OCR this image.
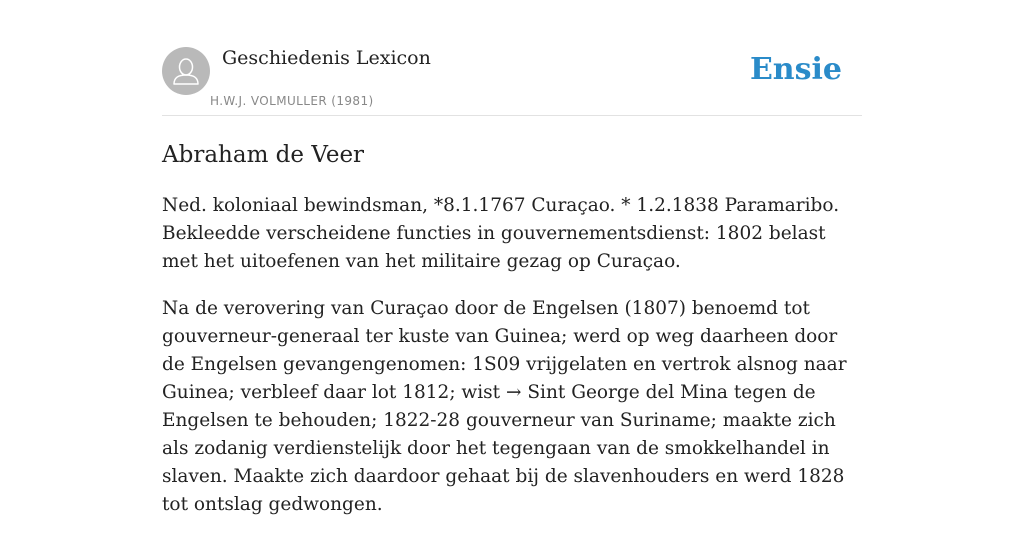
Geschiedenis Lexicon
H.W.J. VOLMULLER (1981)
Ensie
Abraham de Veer

Ned. koloniaal bewindsman, *8.1.1767 Curaçao. * 1.2.1838 Paramaribo. Bekleedde verscheidene functies in gouvernementsdienst: 1802 belast met het uitoefenen van het militaire gezag op Curaçao.

Na de verovering van Curaçao door de Engelsen (1807) benoemd tot gouverneur-generaal ter kuste van Guinea; werd op weg daarheen door de Engelsen gevangengenomen: 1S09 vrijgelaten en vertrok alsnog naar Guinea; verbleef daar lot 1812; wist → Sint George del Mina tegen de Engelsen te behouden; 1822-28 gouverneur van Suriname; maakte zich als zodanig verdienstelijk door het tegengaan van de smokkelhandel in slaven. Maakte zich daardoor gehaat bij de slavenhouders en werd 1828 tot ontslag gedwongen.
